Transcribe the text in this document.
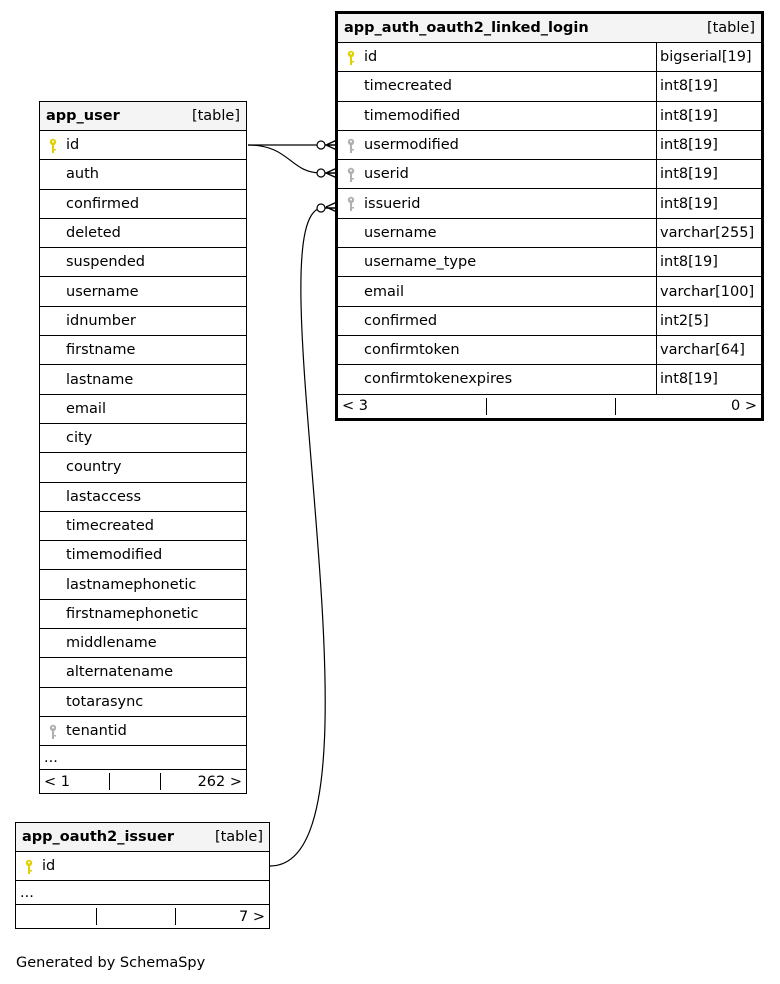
app_auth_oauth2_linked_login	[table]
id	bigserial[19]
timecreated	int8[19]
timemodified	int8[19]
usermodified	int8[19]
userid	int8[19]
issuerid	int8[19]
username	varchar[255]
username_type	int8[19]
email	varchar[100]
confirmed	int2[5]
confirmtoken	varchar[64]
confirmtokenexpires	int8[19]
< 3	0 >
app_user	[table]
id
auth
confirmed
deleted
suspended
username
idnumber
firstname
lastname
email
city
country
lastaccess
timecreated
timemodified
lastnamephonetic
firstnamephonetic
middlename
alternatename
totarasync
tenantid
...
< 1	262 >
app_oauth2_issuer	[table]
id
...
7 >
Generated by SchemaSpy
